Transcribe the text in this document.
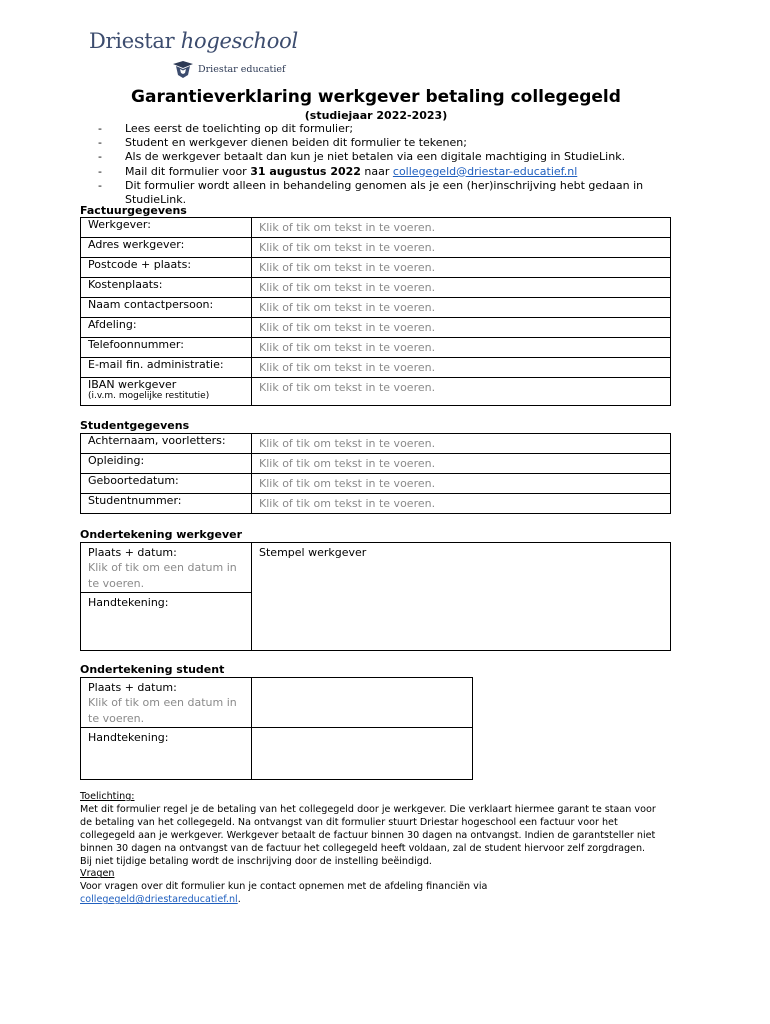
Driestar hogeschool
Driestar educatief
Garantieverklaring werkgever betaling collegegeld
(studiejaar 2022-2023)
- Lees eerst de toelichting op dit formulier;
- Student en werkgever dienen beiden dit formulier te tekenen;
- Als de werkgever betaalt dan kun je niet betalen via een digitale machtiging in StudieLink.
- Mail dit formulier voor 31 augustus 2022 naar collegegeld@driestar-educatief.nl
- Dit formulier wordt alleen in behandeling genomen als je een (her)inschrijving hebt gedaan in StudieLink.
Factuurgegevens
Werkgever:	Klik of tik om tekst in te voeren.
Adres werkgever:	Klik of tik om tekst in te voeren.
Postcode + plaats:	Klik of tik om tekst in te voeren.
Kostenplaats:	Klik of tik om tekst in te voeren.
Naam contactpersoon:	Klik of tik om tekst in te voeren.
Afdeling:	Klik of tik om tekst in te voeren.
Telefoonnummer:	Klik of tik om tekst in te voeren.
E-mail fin. administratie:	Klik of tik om tekst in te voeren.
IBAN werkgever
(i.v.m. mogelijke restitutie)	Klik of tik om tekst in te voeren.
Studentgegevens
Achternaam, voorletters:	Klik of tik om tekst in te voeren.
Opleiding:	Klik of tik om tekst in te voeren.
Geboortedatum:	Klik of tik om tekst in te voeren.
Studentnummer:	Klik of tik om tekst in te voeren.
Ondertekening werkgever
Plaats + datum:
Klik of tik om een datum in te voeren.
	Stempel werkgever
Handtekening:
Ondertekening student
Plaats + datum:
Klik of tik om een datum in te voeren.	

Handtekening:	
Toelichting:
Met dit formulier regel je de betaling van het collegegeld door je werkgever. Die verklaart hiermee garant te staan voor de betaling van het collegegeld. Na ontvangst van dit formulier stuurt Driestar hogeschool een factuur voor het collegegeld aan je werkgever. Werkgever betaalt de factuur binnen 30 dagen na ontvangst. Indien de garantsteller niet binnen 30 dagen na ontvangst van de factuur het collegegeld heeft voldaan, zal de student hiervoor zelf zorgdragen. Bij niet tijdige betaling wordt de inschrijving door de instelling beëindigd.
Vragen
Voor vragen over dit formulier kun je contact opnemen met de afdeling financiën via
collegegeld@driestareducatief.nl.
